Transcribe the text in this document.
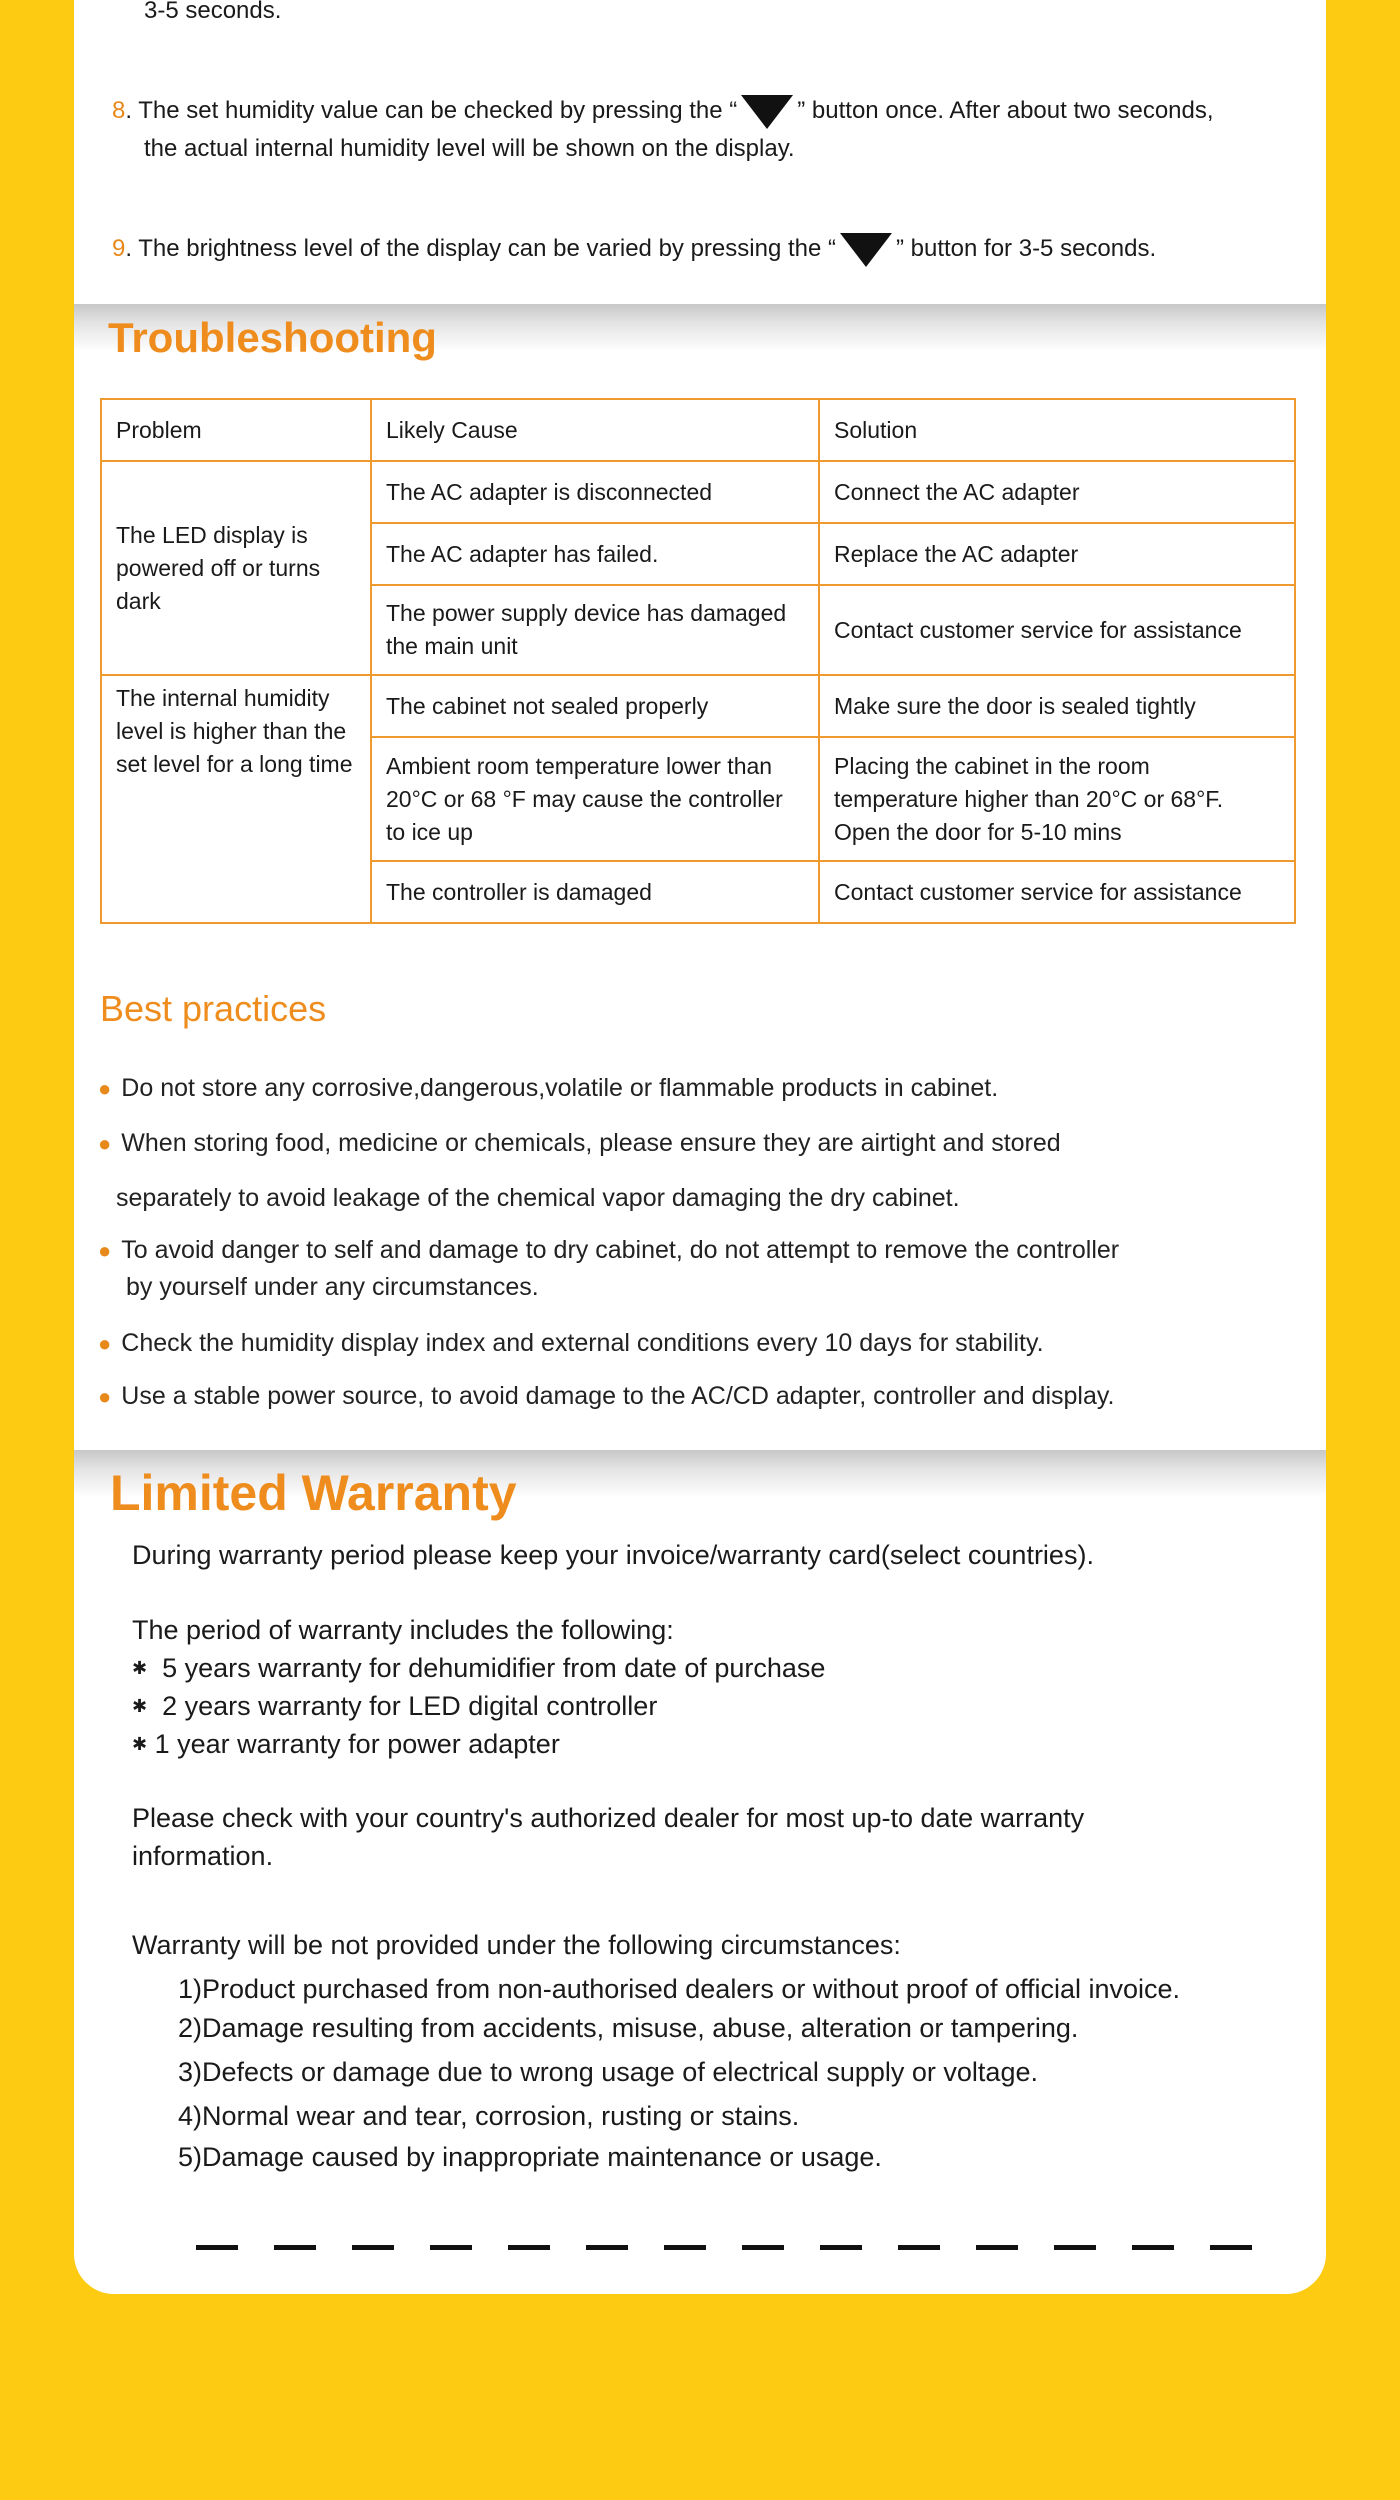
3-5 seconds.
8. The set humidity value can be checked by pressing the “	” button once. After about two seconds,
the actual internal humidity level will be shown on the display.
9. The brightness level of the display can be varied by pressing the “	” button for 3-5 seconds.
Troubleshooting
Problem	Likely Cause	Solution
The LED display is powered off or turns dark	The AC adapter is disconnected	Connect the AC adapter
	The AC adapter has failed.	Replace the AC adapter
	The power supply device has damaged the main unit	Contact customer service for assistance
The internal humidity level is higher than the set level for a long time	The cabinet not sealed properly	Make sure the door is sealed tightly
	Ambient room temperature lower than 20°C or 68 °F may cause the controller to ice up	Placing the cabinet in the room temperature higher than 20°C or 68°F. Open the door for 5-10 mins
	The controller is damaged	Contact customer service for assistance
Best practices
● Do not store any corrosive,dangerous,volatile or flammable products in cabinet.
● When storing food, medicine or chemicals, please ensure they are airtight and stored
separately to avoid leakage of the chemical vapor damaging the dry cabinet.
● To avoid danger to self and damage to dry cabinet, do not attempt to remove the controller
by yourself under any circumstances.
● Check the humidity display index and external conditions every 10 days for stability.
● Use a stable power source, to avoid damage to the AC/CD adapter, controller and display.
Limited Warranty
During warranty period please keep your invoice/warranty card(select countries).
The period of warranty includes the following:
✱ 5 years warranty for dehumidifier from date of purchase
✱ 2 years warranty for LED digital controller
✱ 1 year warranty for power adapter
Please check with your country's authorized dealer for most up-to date warranty
information.
Warranty will be not provided under the following circumstances:
1)Product purchased from non-authorised dealers or without proof of official invoice.
2)Damage resulting from accidents, misuse, abuse, alteration or tampering.
3)Defects or damage due to wrong usage of electrical supply or voltage.
4)Normal wear and tear, corrosion, rusting or stains.
5)Damage caused by inappropriate maintenance or usage.
